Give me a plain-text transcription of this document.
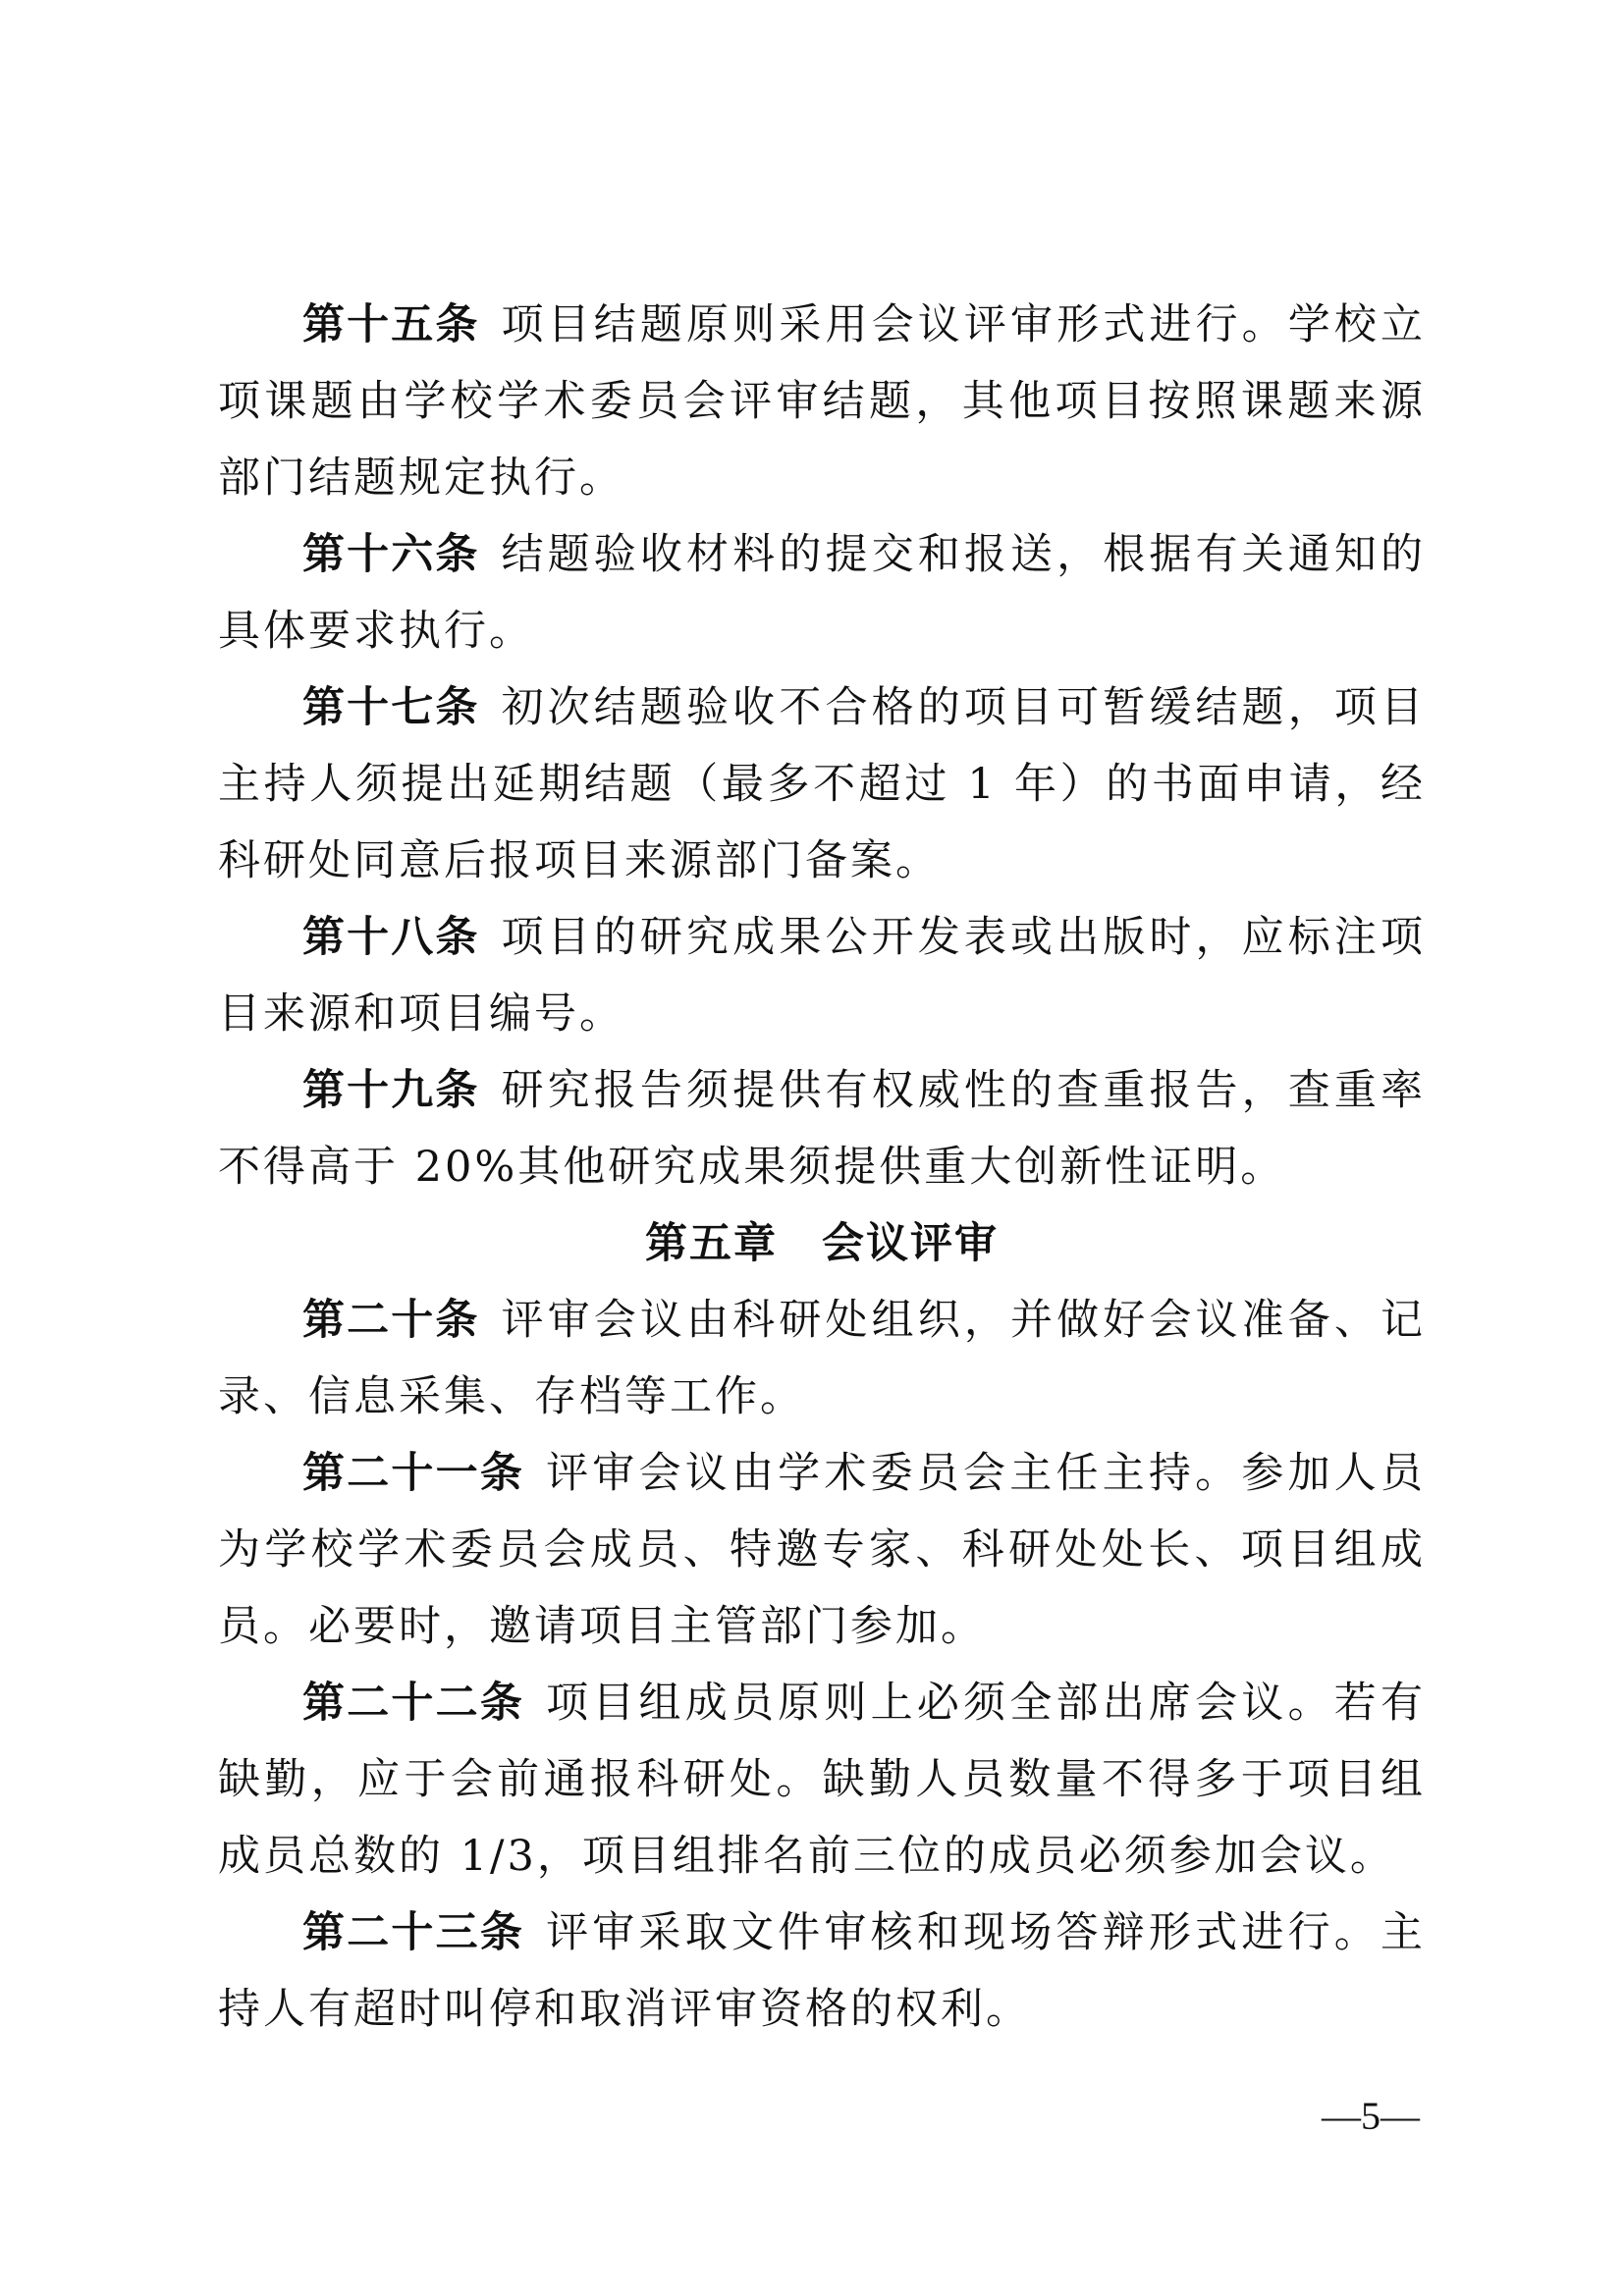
第十五条 项目结题原则采用会议评审形式进行。学校立项课题由学校学术委员会评审结题，其他项目按照课题来源部门结题规定执行。

第十六条 结题验收材料的提交和报送，根据有关通知的具体要求执行。

第十七条 初次结题验收不合格的项目可暂缓结题，项目主持人须提出延期结题（最多不超过 1 年）的书面申请，经科研处同意后报项目来源部门备案。

第十八条 项目的研究成果公开发表或出版时，应标注项目来源和项目编号。

第十九条 研究报告须提供有权威性的查重报告，查重率不得高于 20%其他研究成果须提供重大创新性证明。

第五章　会议评审

第二十条 评审会议由科研处组织，并做好会议准备、记录、信息采集、存档等工作。

第二十一条 评审会议由学术委员会主任主持。参加人员为学校学术委员会成员、特邀专家、科研处处长、项目组成员。必要时，邀请项目主管部门参加。

第二十二条 项目组成员原则上必须全部出席会议。若有缺勤，应于会前通报科研处。缺勤人员数量不得多于项目组成员总数的 1/3，项目组排名前三位的成员必须参加会议。

第二十三条 评审采取文件审核和现场答辩形式进行。主持人有超时叫停和取消评审资格的权利。

—5—
